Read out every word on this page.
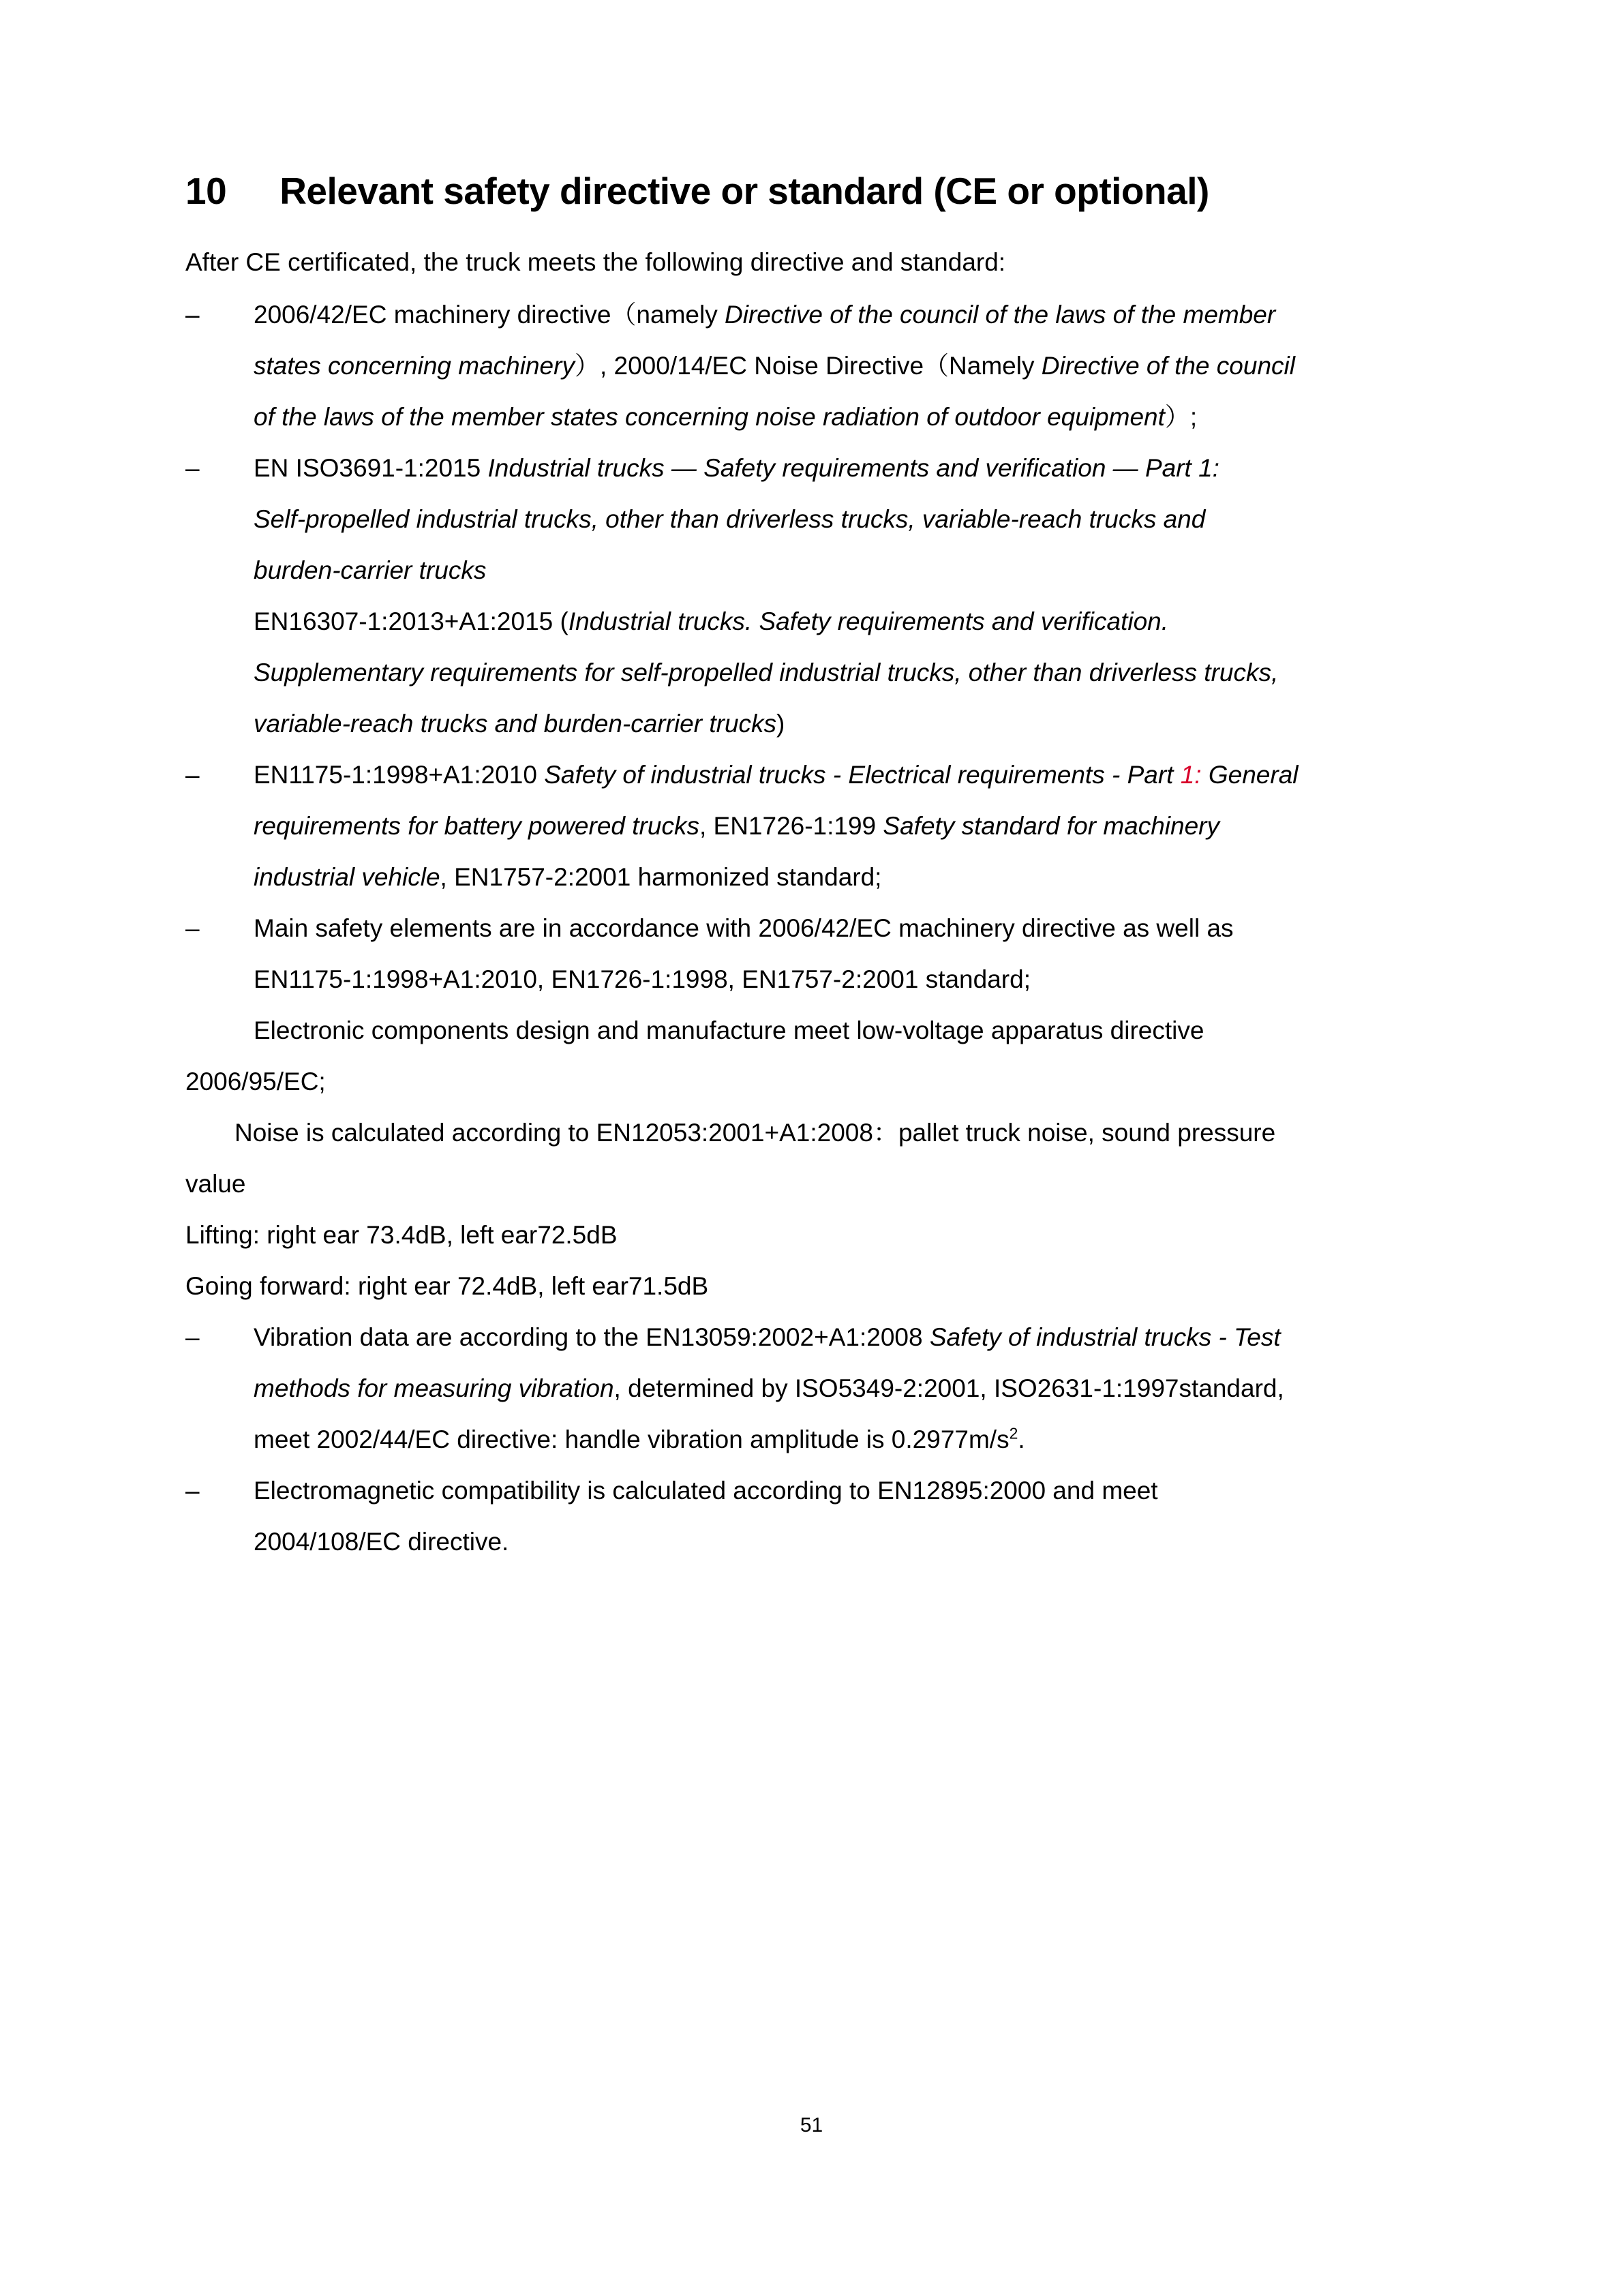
10 Relevant safety directive or standard (CE or optional)

After CE certificated, the truck meets the following directive and standard:

–	2006/42/EC machinery directive（namely Directive of the council of the laws of the member
states concerning machinery）, 2000/14/EC Noise Directive（Namely Directive of the council
of the laws of the member states concerning noise radiation of outdoor equipment）;
–	EN ISO3691-1:2015 Industrial trucks — Safety requirements and verification — Part 1:
Self-propelled industrial trucks, other than driverless trucks, variable-reach trucks and
burden-carrier trucks
EN16307-1:2013+A1:2015 (Industrial trucks. Safety requirements and verification.
Supplementary requirements for self-propelled industrial trucks, other than driverless trucks,
variable-reach trucks and burden-carrier trucks)
–	EN1175-1:1998+A1:2010 Safety of industrial trucks - Electrical requirements - Part 1: General
requirements for battery powered trucks, EN1726-1:199 Safety standard for machinery
industrial vehicle, EN1757-2:2001 harmonized standard;
–	Main safety elements are in accordance with 2006/42/EC machinery directive as well as
EN1175-1:1998+A1:2010, EN1726-1:1998, EN1757-2:2001 standard;
Electronic components design and manufacture meet low-voltage apparatus directive

2006/95/EC;

Noise is calculated according to EN12053:2001+A1:2008：pallet truck noise, sound pressure

value

Lifting: right ear 73.4dB, left ear72.5dB

Going forward: right ear 72.4dB, left ear71.5dB

–	Vibration data are according to the EN13059:2002+A1:2008 Safety of industrial trucks - Test
methods for measuring vibration, determined by ISO5349-2:2001, ISO2631-1:1997standard,
meet 2002/44/EC directive: handle vibration amplitude is $0.2977m/s^2$.
–	Electromagnetic compatibility is calculated according to EN12895:2000 and meet
2004/108/EC directive.
51
